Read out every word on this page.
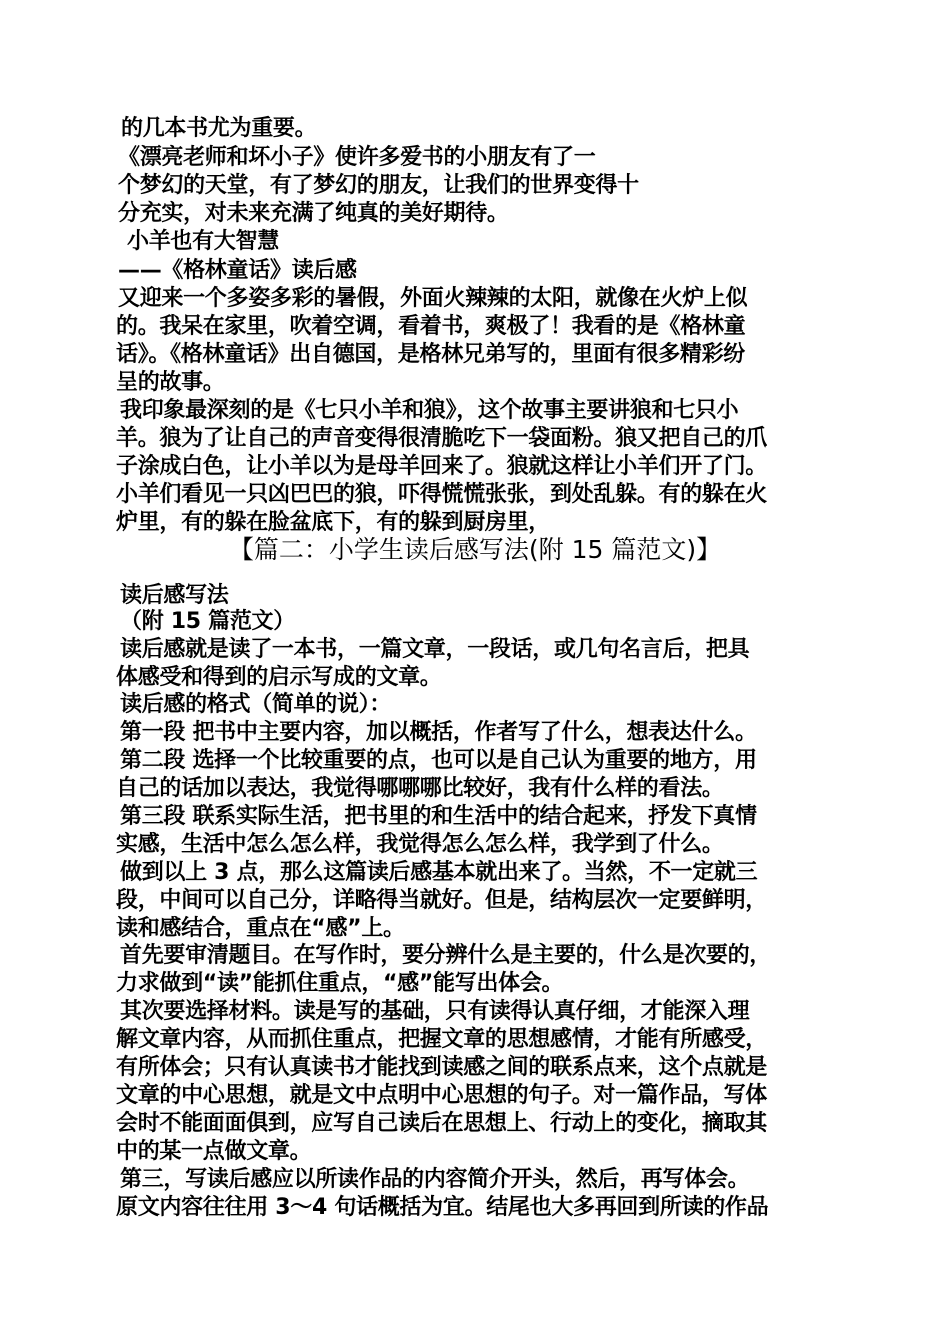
的几本书尤为重要。
《漂亮老师和坏小子》使许多爱书的小朋友有了一
个梦幻的天堂，有了梦幻的朋友，让我们的世界变得十
分充实，对未来充满了纯真的美好期待。
小羊也有大智慧
——《格林童话》读后感
又迎来一个多姿多彩的暑假，外面火辣辣的太阳，就像在火炉上似
的。我呆在家里，吹着空调，看着书，爽极了！我看的是《格林童
话》。《格林童话》出自德国，是格林兄弟写的，里面有很多精彩纷
呈的故事。
我印象最深刻的是《七只小羊和狼》，这个故事主要讲狼和七只小
羊。狼为了让自己的声音变得很清脆吃下一袋面粉。狼又把自己的爪
子涂成白色，让小羊以为是母羊回来了。狼就这样让小羊们开了门。
小羊们看见一只凶巴巴的狼，吓得慌慌张张，到处乱躲。有的躲在火
炉里，有的躲在脸盆底下，有的躲到厨房里，
【篇二：小学生读后感写法(附 15 篇范文)】
读后感写法
（附 15 篇范文）
读后感就是读了一本书，一篇文章，一段话，或几句名言后，把具
体感受和得到的启示写成的文章。
读后感的格式（简单的说）：
第一段 把书中主要内容，加以概括，作者写了什么，想表达什么。
第二段 选择一个比较重要的点，也可以是自己认为重要的地方，用
自己的话加以表达，我觉得哪哪哪比较好，我有什么样的看法。
第三段 联系实际生活，把书里的和生活中的结合起来，抒发下真情
实感，生活中怎么怎么样，我觉得怎么怎么样，我学到了什么。
做到以上 3 点，那么这篇读后感基本就出来了。当然，不一定就三
段，中间可以自己分，详略得当就好。但是，结构层次一定要鲜明，
读和感结合，重点在“感”上。
首先要审清题目。在写作时，要分辨什么是主要的，什么是次要的，
力求做到“读”能抓住重点，“感”能写出体会。
其次要选择材料。读是写的基础，只有读得认真仔细，才能深入理
解文章内容，从而抓住重点，把握文章的思想感情，才能有所感受，
有所体会；只有认真读书才能找到读感之间的联系点来，这个点就是
文章的中心思想，就是文中点明中心思想的句子。对一篇作品，写体
会时不能面面俱到，应写自己读后在思想上、行动上的变化，摘取其
中的某一点做文章。
第三，写读后感应以所读作品的内容简介开头，然后，再写体会。
原文内容往往用 3～4 句话概括为宜。结尾也大多再回到所读的作品
